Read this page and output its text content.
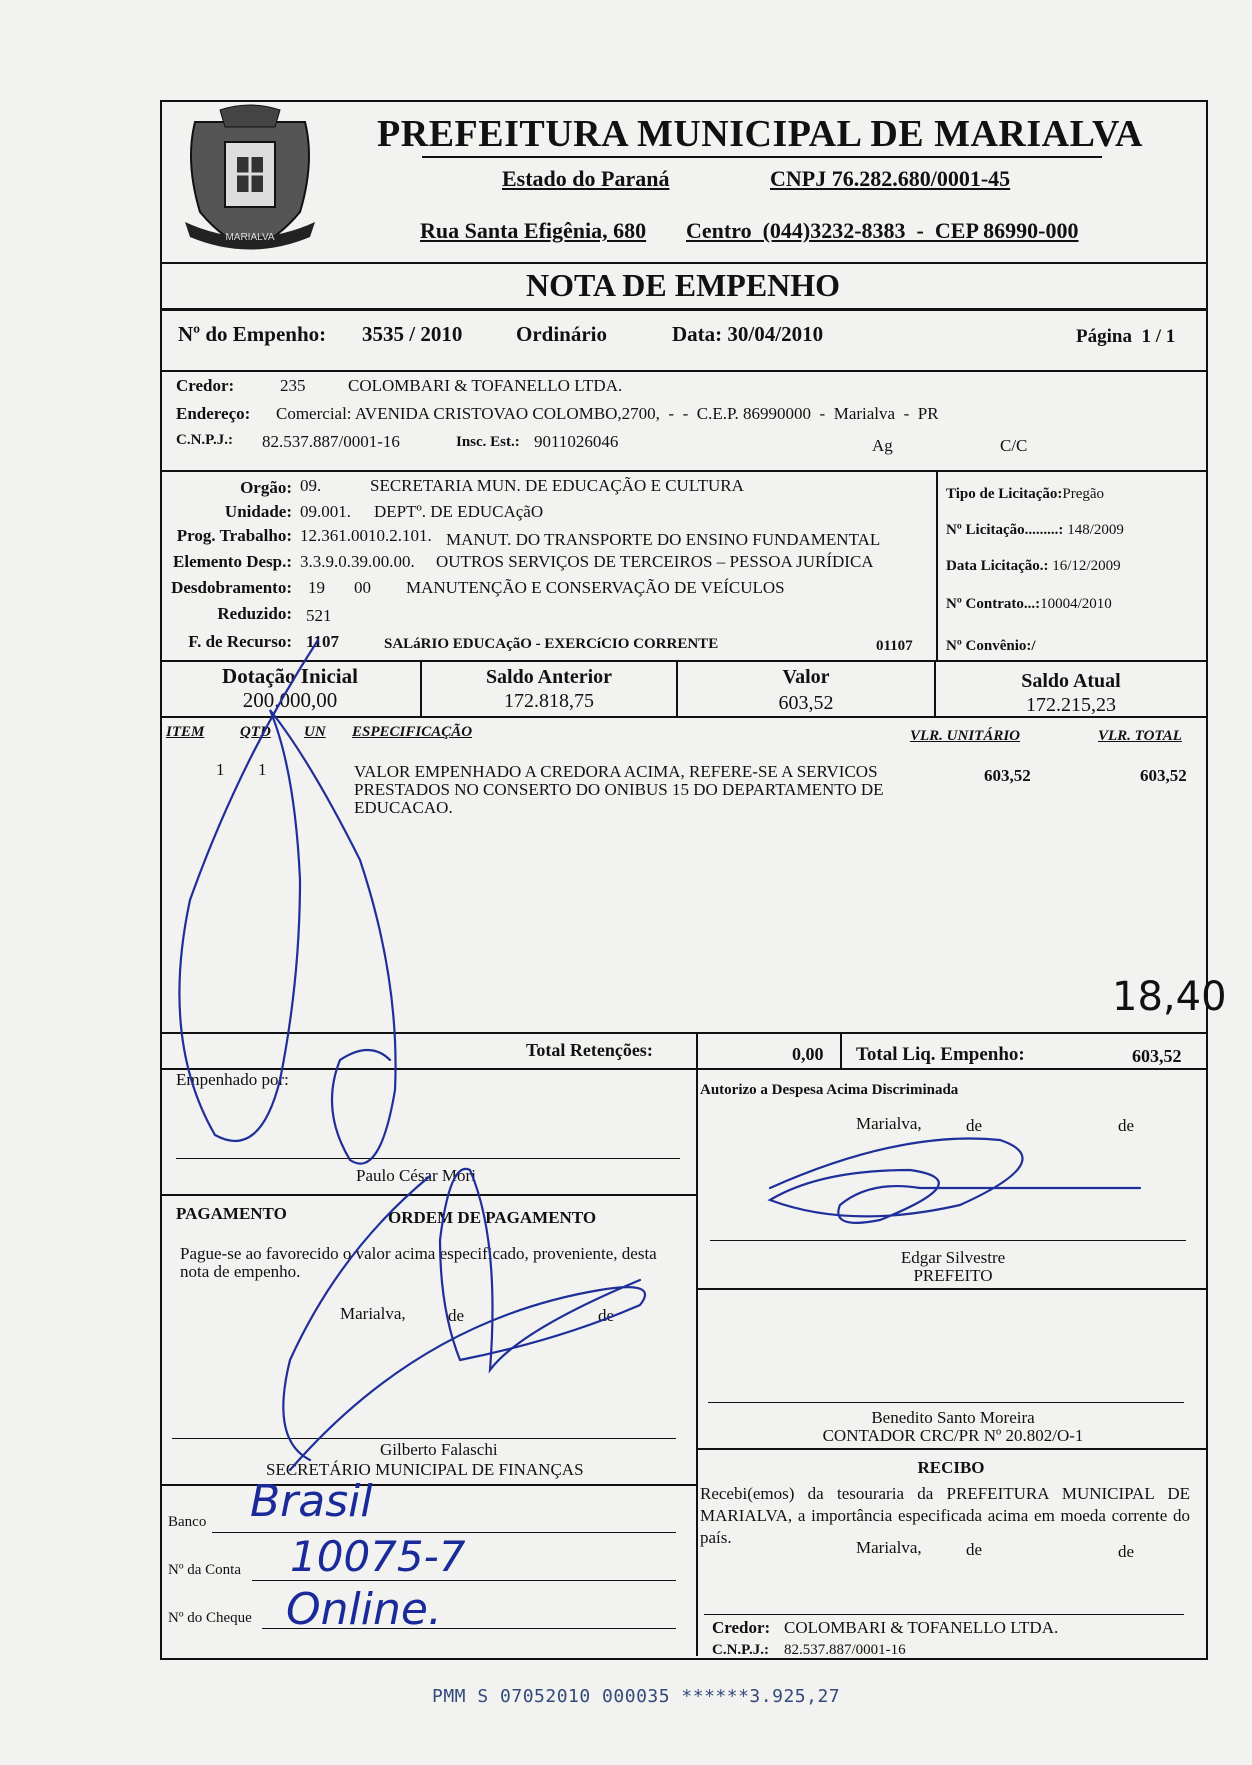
MARIALVA
PREFEITURA MUNICIPAL DE MARIALVA
Estado do Paraná	CNPJ 76.282.680/0001-45
Rua Santa Efigênia, 680 Centro  (044)3232-8383  -  CEP 86990-000
NOTA DE EMPENHO
Nº do Empenho: 3535 / 2010	Ordinário	Data: 30/04/2010	Página  1 / 1
Credor:	235	COLOMBARI & TOFANELLO LTDA.
Endereço: Comercial: AVENIDA CRISTOVAO COLOMBO,2700,  -  -  C.E.P. 86990000  -  Marialva  -  PR
C.N.P.J.: 82.537.887/0001-16	Insc. Est.: 9011026046	Ag	C/C
Orgão: 09.	SECRETARIA MUN. DE EDUCAÇÃO E CULTURA
Unidade: 09.001. DEPTº. DE EDUCAçãO
Prog. Trabalho: 12.361.0010.2.101. MANUT. DO TRANSPORTE DO ENSINO FUNDAMENTAL
Elemento Desp.: 3.3.9.0.39.00.00. OUTROS SERVIÇOS DE TERCEIROS – PESSOA JURÍDICA
Desdobramento: 19 00 MANUTENÇÃO E CONSERVAÇÃO DE VEÍCULOS
Reduzido: 521
F. de Recurso: 1107	SALáRIO EDUCAçãO - EXERCíCIO CORRENTE	01107
Tipo de Licitação:Pregão
Nº Licitação.........: 148/2009
Data Licitação.: 16/12/2009
Nº Contrato...:10004/2010
Nº Convênio:/
Dotação Inicial
200.000,00
Saldo Anterior
172.818,75
Valor
603,52
Saldo Atual
172.215,23
ITEM QTD UN ESPECIFICAÇÃO	VLR. UNITÁRIO	VLR. TOTAL
1 1	VALOR EMPENHADO A CREDORA ACIMA, REFERE-SE A SERVICOS
PRESTADOS NO CONSERTO DO ONIBUS 15 DO DEPARTAMENTO DE
EDUCACAO.
603,52	603,52
18,40
Total Retenções:	0,00 Total Liq. Empenho:	603,52
Empenhado por:
Paulo César Mori
Autorizo a Despesa Acima Discriminada
Marialva,	de	de
Edgar Silvestre
PREFEITO
PAGAMENTO	ORDEM DE PAGAMENTO
Pague-se ao favorecido o valor acima especificado, proveniente, desta
nota de empenho.
Marialva, de	de
Gilberto Falaschi
SECRETÁRIO MUNICIPAL DE FINANÇAS
Benedito Santo Moreira
CONTADOR CRC/PR Nº 20.802/O-1
Banco Brasil
Nº da Conta 10075-7
Nº do Cheque Online.
RECIBO
Recebi(emos) da tesouraria da PREFEITURA MUNICIPAL DE
MARIALVA, a importância especificada acima em moeda corrente do
país.
Marialva,	de	de
Credor: COLOMBARI & TOFANELLO LTDA.
C.N.P.J.: 82.537.887/0001-16
PMM S 07052010 000035 ******3.925,27
